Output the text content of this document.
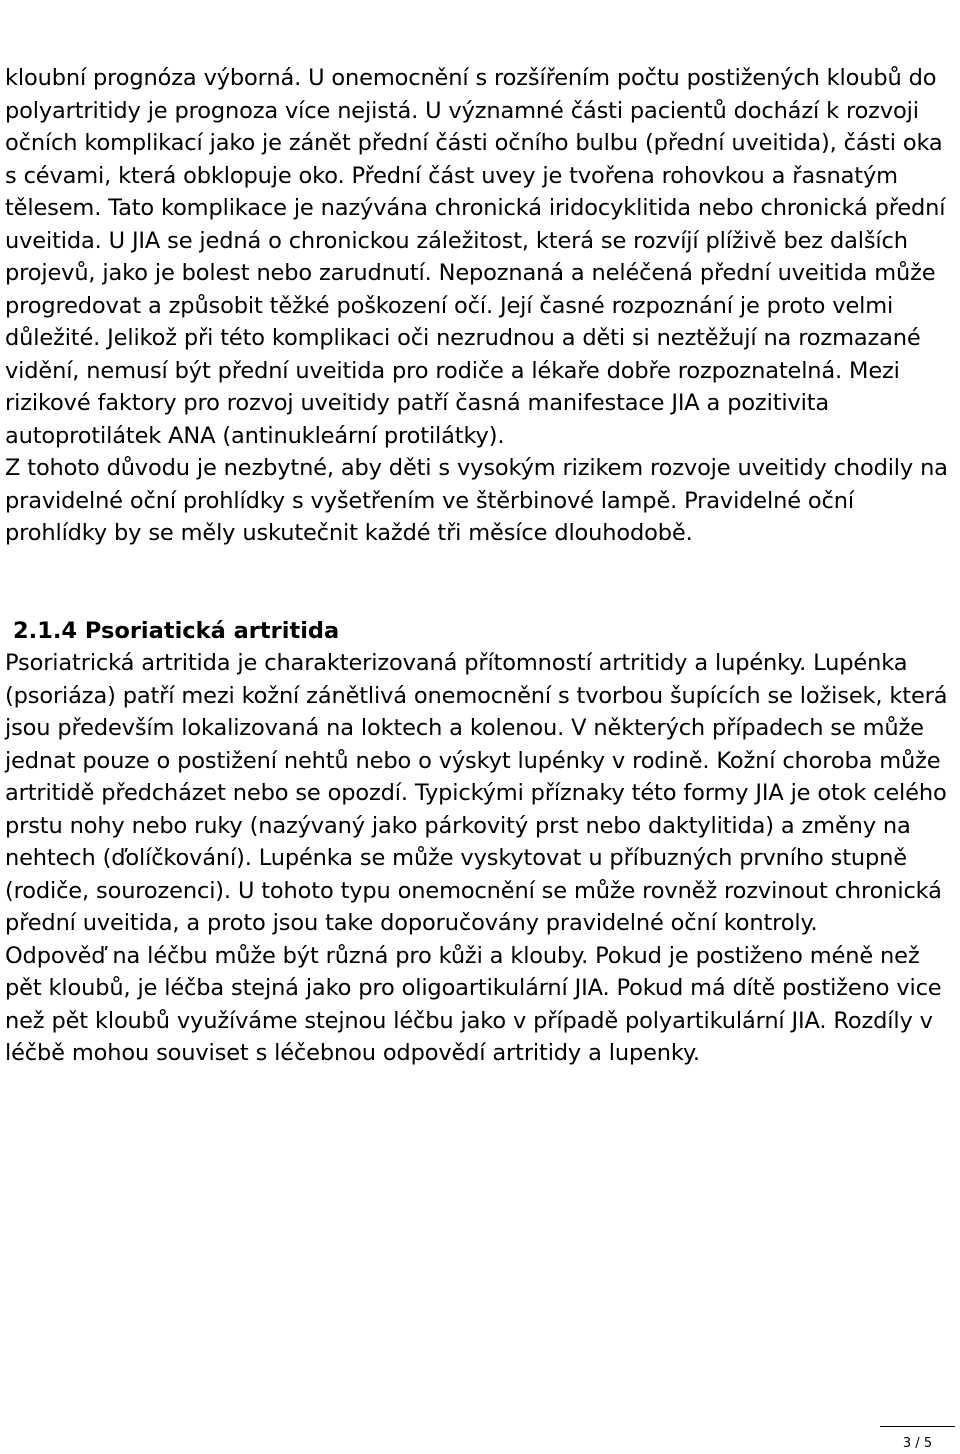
kloubní prognóza výborná. U onemocnění s rozšířením počtu postižených kloubů do polyartritidy je prognoza více nejistá. U významné části pacientů dochází k rozvoji očních komplikací jako je zánět přední části očního bulbu (přední uveitida), části oka s cévami, která obklopuje oko. Přední část uvey je tvořena rohovkou a řasnatým tělesem. Tato komplikace je nazývána chronická iridocyklitida nebo chronická přední uveitida. U JIA se jedná o chronickou záležitost, která se rozvíjí plíživě bez dalších projevů, jako je bolest nebo zarudnutí. Nepoznaná a neléčená přední uveitida může progredovat a způsobit těžké poškození očí. Její časné rozpoznání je proto velmi důležité. Jelikož při této komplikaci oči nezrudnou a děti si neztěžují na rozmazané vidění, nemusí být přední uveitida pro rodiče a lékaře dobře rozpoznatelná. Mezi rizikové faktory pro rozvoj uveitidy patří časná manifestace JIA a pozitivita autoprotilátek ANA (antinukleární protilátky).

Z tohoto důvodu je nezbytné, aby děti s vysokým rizikem rozvoje uveitidy chodily na pravidelné oční prohlídky s vyšetřením ve štěrbinové lampě. Pravidelné oční prohlídky by se měly uskutečnit každé tři měsíce dlouhodobě.

2.1.4 Psoriatická artritida

Psoriatrická artritida je charakterizovaná přítomností artritidy a lupénky. Lupénka (psoriáza) patří mezi kožní zánětlivá onemocnění s tvorbou šupících se ložisek, která jsou především lokalizovaná na loktech a kolenou. V některých případech se může jednat pouze o postižení nehtů nebo o výskyt lupénky v rodině. Kožní choroba může artritidě předcházet nebo se opozdí. Typickými příznaky této formy JIA je otok celého prstu nohy nebo ruky (nazývaný jako párkovitý prst nebo daktylitida) a změny na nehtech (ďolíčkování). Lupénka se může vyskytovat u příbuzných prvního stupně (rodiče, sourozenci). U tohoto typu onemocnění se může rovněž rozvinout chronická přední uveitida, a proto jsou take doporučovány pravidelné oční kontroly.

Odpověď na léčbu může být různá pro kůži a klouby. Pokud je postiženo méně než pět kloubů, je léčba stejná jako pro oligoartikulární JIA. Pokud má dítě postiženo vice než pět kloubů využíváme stejnou léčbu jako v případě polyartikulární JIA. Rozdíly v léčbě mohou souviset s léčebnou odpovědí artritidy a lupenky.

3 / 5
